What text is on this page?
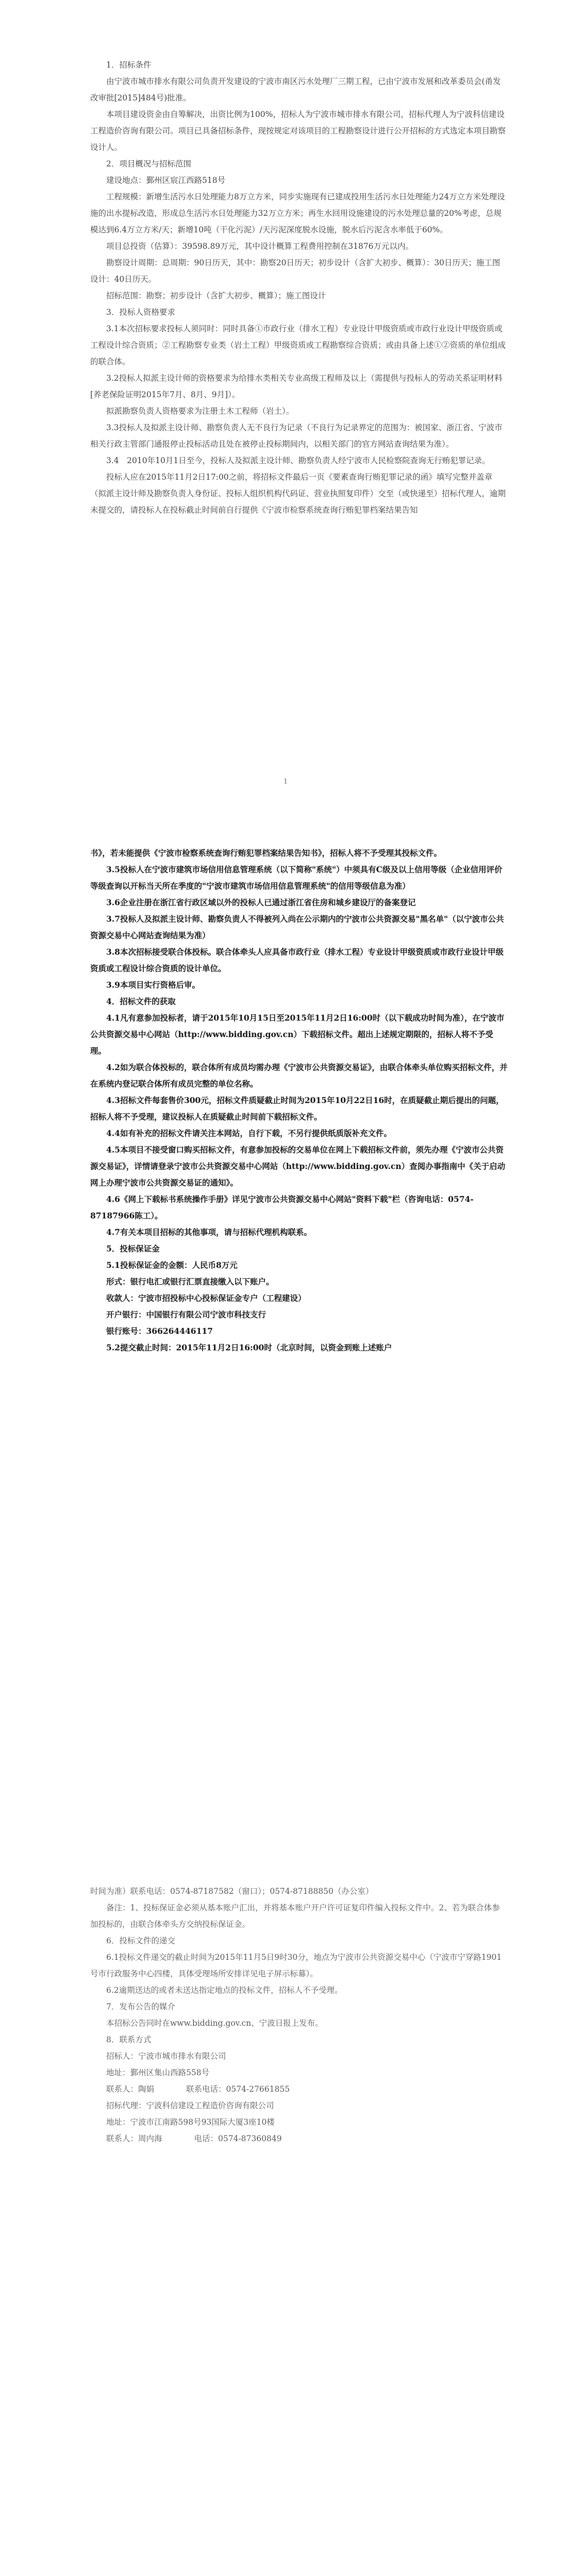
1．招标条件
由宁波市城市排水有限公司负责开发建设的宁波市南区污水处理厂三期工程，已由宁波市发展和改革委员会(甬发改审批[2015]484号)批准。
本项目建设资金由自筹解决，出资比例为100%，招标人为宁波市城市排水有限公司，招标代理人为宁波科信建设工程造价咨询有限公司。项目已具备招标条件，现按规定对该项目的工程勘察设计进行公开招标的方式选定本项目勘察设计人。
2．项目概况与招标范围
建设地点：鄞州区宸江西路518号
工程规模：新增生活污水日处理能力8万立方米，同步实施现有已建成投用生活污水日处理能力24万立方米处理设施的出水提标改造，形成总生活污水日处理能力32万立方米；再生水回用设施建设的污水处理总量的20%考虑，总规模达到6.4万立方米/天；新增10吨（干化污泥）/天污泥深度脱水设施，脱水后污泥含水率低于60%。
项目总投资（估算）：39598.89万元，其中设计概算工程费用控制在31876万元以内。
勘察设计周期：总周期：90日历天，其中：勘察20日历天；初步设计（含扩大初步、概算）：30日历天；施工图设计：40日历天。
招标范围：勘察；初步设计（含扩大初步、概算）；施工图设计
3．投标人资格要求
3.1本次招标要求投标人须同时：同时具备①市政行业（排水工程）专业设计甲级资质或市政行业设计甲级资质或工程设计综合资质；②工程勘察专业类（岩土工程）甲级资质或工程勘察综合资质；或由具备上述①②资质的单位组成的联合体。
3.2投标人拟派主设计师的资格要求为给排水类相关专业高级工程师及以上（需提供与投标人的劳动关系证明材料[养老保险证明2015年7月、8月、9月]）。
拟派勘察负责人资格要求为注册土木工程师（岩土）。
3.3投标人及拟派主设计师、勘察负责人无不良行为记录（不良行为记录界定的范围为：被国家、浙江省、宁波市相关行政主管部门通报停止投标活动且处在被停止投标期间内，以相关部门的官方网站查询结果为准）。
3.4　2010年10月1日至今，投标人及拟派主设计师、勘察负责人经宁波市人民检察院查询无行贿犯罪记录。
投标人应在2015年11月2日17:00之前，将招标文件最后一页《要素查询行贿犯罪记录的函》填写完整并盖章（拟派主设计师及勘察负责人身份证、投标人组织机构代码证、营业执照复印件）交至（或快递至）招标代理人，逾期未提交的，请投标人在投标截止时间前自行提供《宁波市检察系统查询行贿犯罪档案结果告知
1
书》，若未能提供《宁波市检察系统查询行贿犯罪档案结果告知书》，招标人将不予受理其投标文件。
3.5投标人在宁波市建筑市场信用信息管理系统（以下简称"系统"）中须具有C级及以上信用等级（企业信用评价等级查询以开标当天所在季度的"宁波市建筑市场信用信息管理系统"的信用等级信息为准）
3.6企业注册在浙江省行政区域以外的投标人已通过浙江省住房和城乡建设厅的备案登记
3.7投标人及拟派主设计师、勘察负责人不得被列入尚在公示期内的宁波市公共资源交易"黑名单"（以宁波市公共资源交易中心网站查询结果为准）
3.8本次招标接受联合体投标。联合体牵头人应具备市政行业（排水工程）专业设计甲级资质或市政行业设计甲级资质或工程设计综合资质的设计单位。
3.9本项目实行资格后审。
4．招标文件的获取
4.1凡有意参加投标者，请于2015年10月15日至2015年11月2日16:00时（以下载成功时间为准），在宁波市公共资源交易中心网站（http://www.bidding.gov.cn）下载招标文件。超出上述规定期限的，招标人将不予受理。
4.2如为联合体投标的，联合体所有成员均需办理《宁波市公共资源交易证》，由联合体牵头单位购买招标文件，并在系统内登记联合体所有成员完整的单位名称。
4.3招标文件每套售价300元，招标文件质疑截止时间为2015年10月22日16时，在质疑截止期后提出的问题，招标人将不予受理，建议投标人在质疑截止时间前下载招标文件。
4.4如有补充的招标文件请关注本网站，自行下载，不另行提供纸质版补充文件。
4.5本项目不接受窗口购买招标文件，有意参加投标的交易单位在网上下载招标文件前，须先办理《宁波市公共资源交易证》，详情请登录宁波市公共资源交易中心网站（http://www.bidding.gov.cn）查阅办事指南中《关于启动网上办理宁波市公共资源交易证的通知》。
4.6《网上下载标书系统操作手册》详见宁波市公共资源交易中心网站"资料下载"栏（咨询电话：0574-87187966陈工）。
4.7有关本项目招标的其他事项，请与招标代理机构联系。
5．投标保证金
5.1投标保证金的金额：人民币8万元
形式：银行电汇或银行汇票直接缴入以下账户。
收款人：宁波市招投标中心投标保证金专户（工程建设）
开户银行：中国银行有限公司宁波市科技支行
银行账号：366264446117
5.2提交截止时间：2015年11月2日16:00时（北京时间，以资金到账上述账户
时间为准）联系电话：0574-87187582（窗口）；0574-87188850（办公室）
备注：1、投标保证金必须从基本账户汇出，并将基本账户开户许可证复印件编入投标文件中。2、若为联合体参加投标的，由联合体牵头方交纳投标保证金。
6．投标文件的递交
6.1投标文件递交的截止时间为2015年11月5日9时30分，地点为宁波市公共资源交易中心（宁波市宁穿路1901号市行政服务中心四楼，具体受理场所安排详见电子屏示标幕）。
6.2逾期送达的或者未送达指定地点的投标文件，招标人不予受理。
7．发布公告的媒介
本招标公告同时在www.bidding.gov.cn、宁波日报上发布。
8．联系方式
招标人：宁波市城市排水有限公司
地址：鄞州区集山西路558号
联系人：陶娟　　　　联系电话：0574-27661855
招标代理：宁波科信建设工程造价咨询有限公司
地址：宁波市江南路598号93国际大厦3座10楼
联系人：周内海　　　　电话：0574-87360849
